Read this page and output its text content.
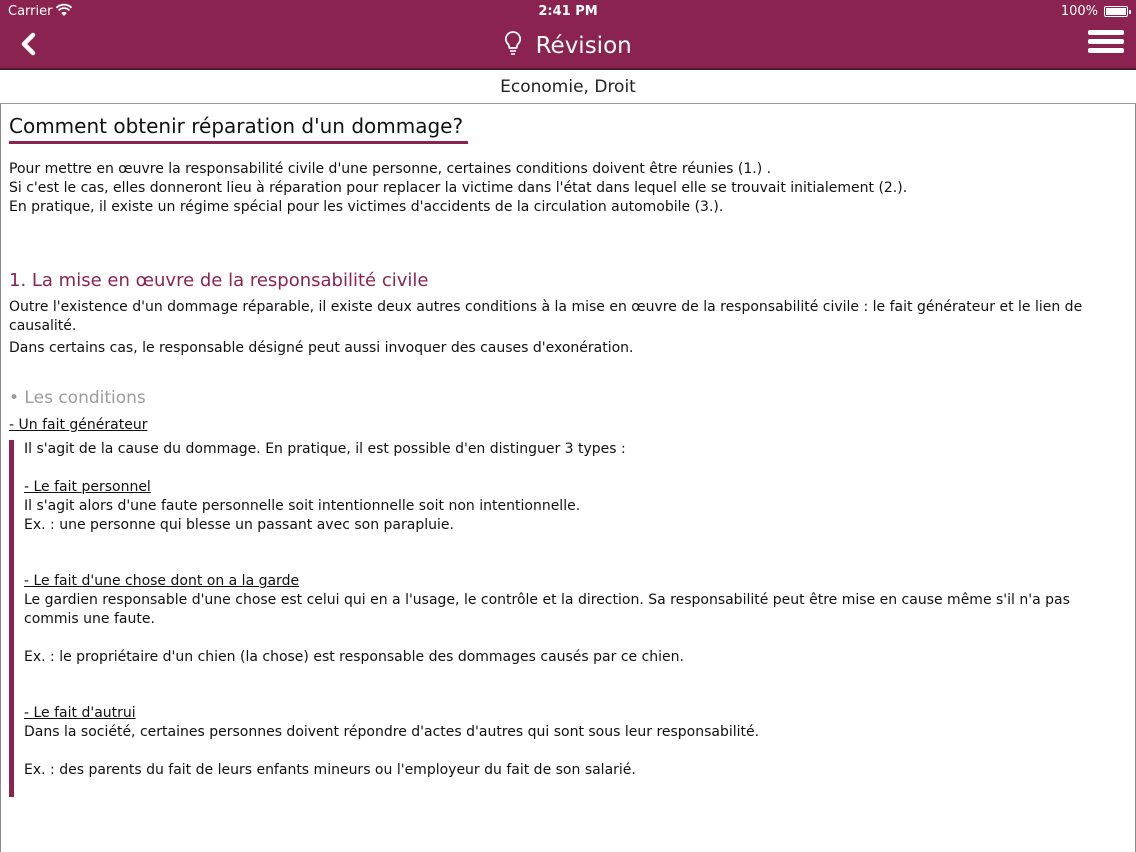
Carrier	2:41 PM	100%
Révision
Economie, Droit
Comment obtenir réparation d'un dommage?
Pour mettre en œuvre la responsabilité civile d'une personne, certaines conditions doivent être réunies (1.) .
Si c'est le cas, elles donneront lieu à réparation pour replacer la victime dans l'état dans lequel elle se trouvait initialement (2.).
En pratique, il existe un régime spécial pour les victimes d'accidents de la circulation automobile (3.).
1. La mise en œuvre de la responsabilité civile
Outre l'existence d'un dommage réparable, il existe deux autres conditions à la mise en œuvre de la responsabilité civile : le fait générateur et le lien de
causalité.
Dans certains cas, le responsable désigné peut aussi invoquer des causes d'exonération.
• Les conditions
- Un fait générateur
Il s'agit de la cause du dommage. En pratique, il est possible d'en distinguer 3 types :
- Le fait personnel
Il s'agit alors d'une faute personnelle soit intentionnelle soit non intentionnelle.
Ex. : une personne qui blesse un passant avec son parapluie.
- Le fait d'une chose dont on a la garde
Le gardien responsable d'une chose est celui qui en a l'usage, le contrôle et la direction. Sa responsabilité peut être mise en cause même s'il n'a pas
commis une faute.
Ex. : le propriétaire d'un chien (la chose) est responsable des dommages causés par ce chien.
- Le fait d'autrui
Dans la société, certaines personnes doivent répondre d'actes d'autres qui sont sous leur responsabilité.
Ex. : des parents du fait de leurs enfants mineurs ou l'employeur du fait de son salarié.
